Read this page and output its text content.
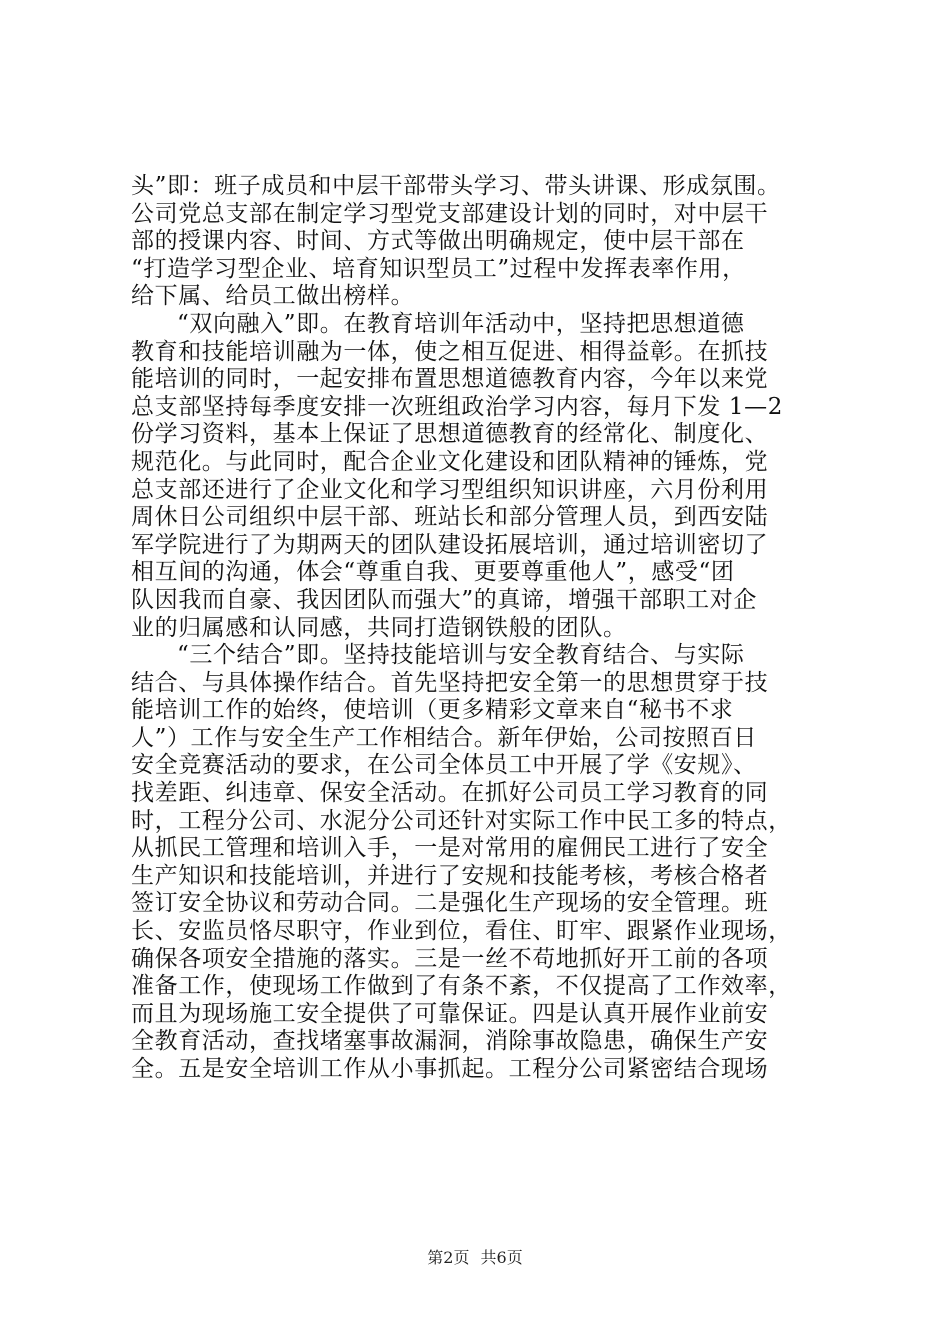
头”即：班子成员和中层干部带头学习、带头讲课、形成氛围。
公司党总支部在制定学习型党支部建设计划的同时，对中层干
部的授课内容、时间、方式等做出明确规定，使中层干部在
“打造学习型企业、培育知识型员工”过程中发挥表率作用，
给下属、给员工做出榜样。
“双向融入”即。在教育培训年活动中，坚持把思想道德
教育和技能培训融为一体，使之相互促进、相得益彰。在抓技
能培训的同时，一起安排布置思想道德教育内容，今年以来党
总支部坚持每季度安排一次班组政治学习内容，每月下发 1—2
份学习资料，基本上保证了思想道德教育的经常化、制度化、
规范化。与此同时，配合企业文化建设和团队精神的锤炼，党
总支部还进行了企业文化和学习型组织知识讲座，六月份利用
周休日公司组织中层干部、班站长和部分管理人员，到西安陆
军学院进行了为期两天的团队建设拓展培训，通过培训密切了
相互间的沟通，体会“尊重自我、更要尊重他人”，感受“团
队因我而自豪、我因团队而强大”的真谛，增强干部职工对企
业的归属感和认同感，共同打造钢铁般的团队。
“三个结合”即。坚持技能培训与安全教育结合、与实际
结合、与具体操作结合。首先坚持把安全第一的思想贯穿于技
能培训工作的始终，使培训（更多精彩文章来自“秘书不求
人”）工作与安全生产工作相结合。新年伊始，公司按照百日
安全竞赛活动的要求，在公司全体员工中开展了学《安规》、
找差距、纠违章、保安全活动。在抓好公司员工学习教育的同
时，工程分公司、水泥分公司还针对实际工作中民工多的特点，
从抓民工管理和培训入手，一是对常用的雇佣民工进行了安全
生产知识和技能培训，并进行了安规和技能考核，考核合格者
签订安全协议和劳动合同。二是强化生产现场的安全管理。班
长、安监员恪尽职守，作业到位，看住、盯牢、跟紧作业现场，
确保各项安全措施的落实。三是一丝不苟地抓好开工前的各项
准备工作，使现场工作做到了有条不紊，不仅提高了工作效率，
而且为现场施工安全提供了可靠保证。四是认真开展作业前安
全教育活动，查找堵塞事故漏洞，消除事故隐患，确保生产安
全。五是安全培训工作从小事抓起。工程分公司紧密结合现场
第2页 共6页
